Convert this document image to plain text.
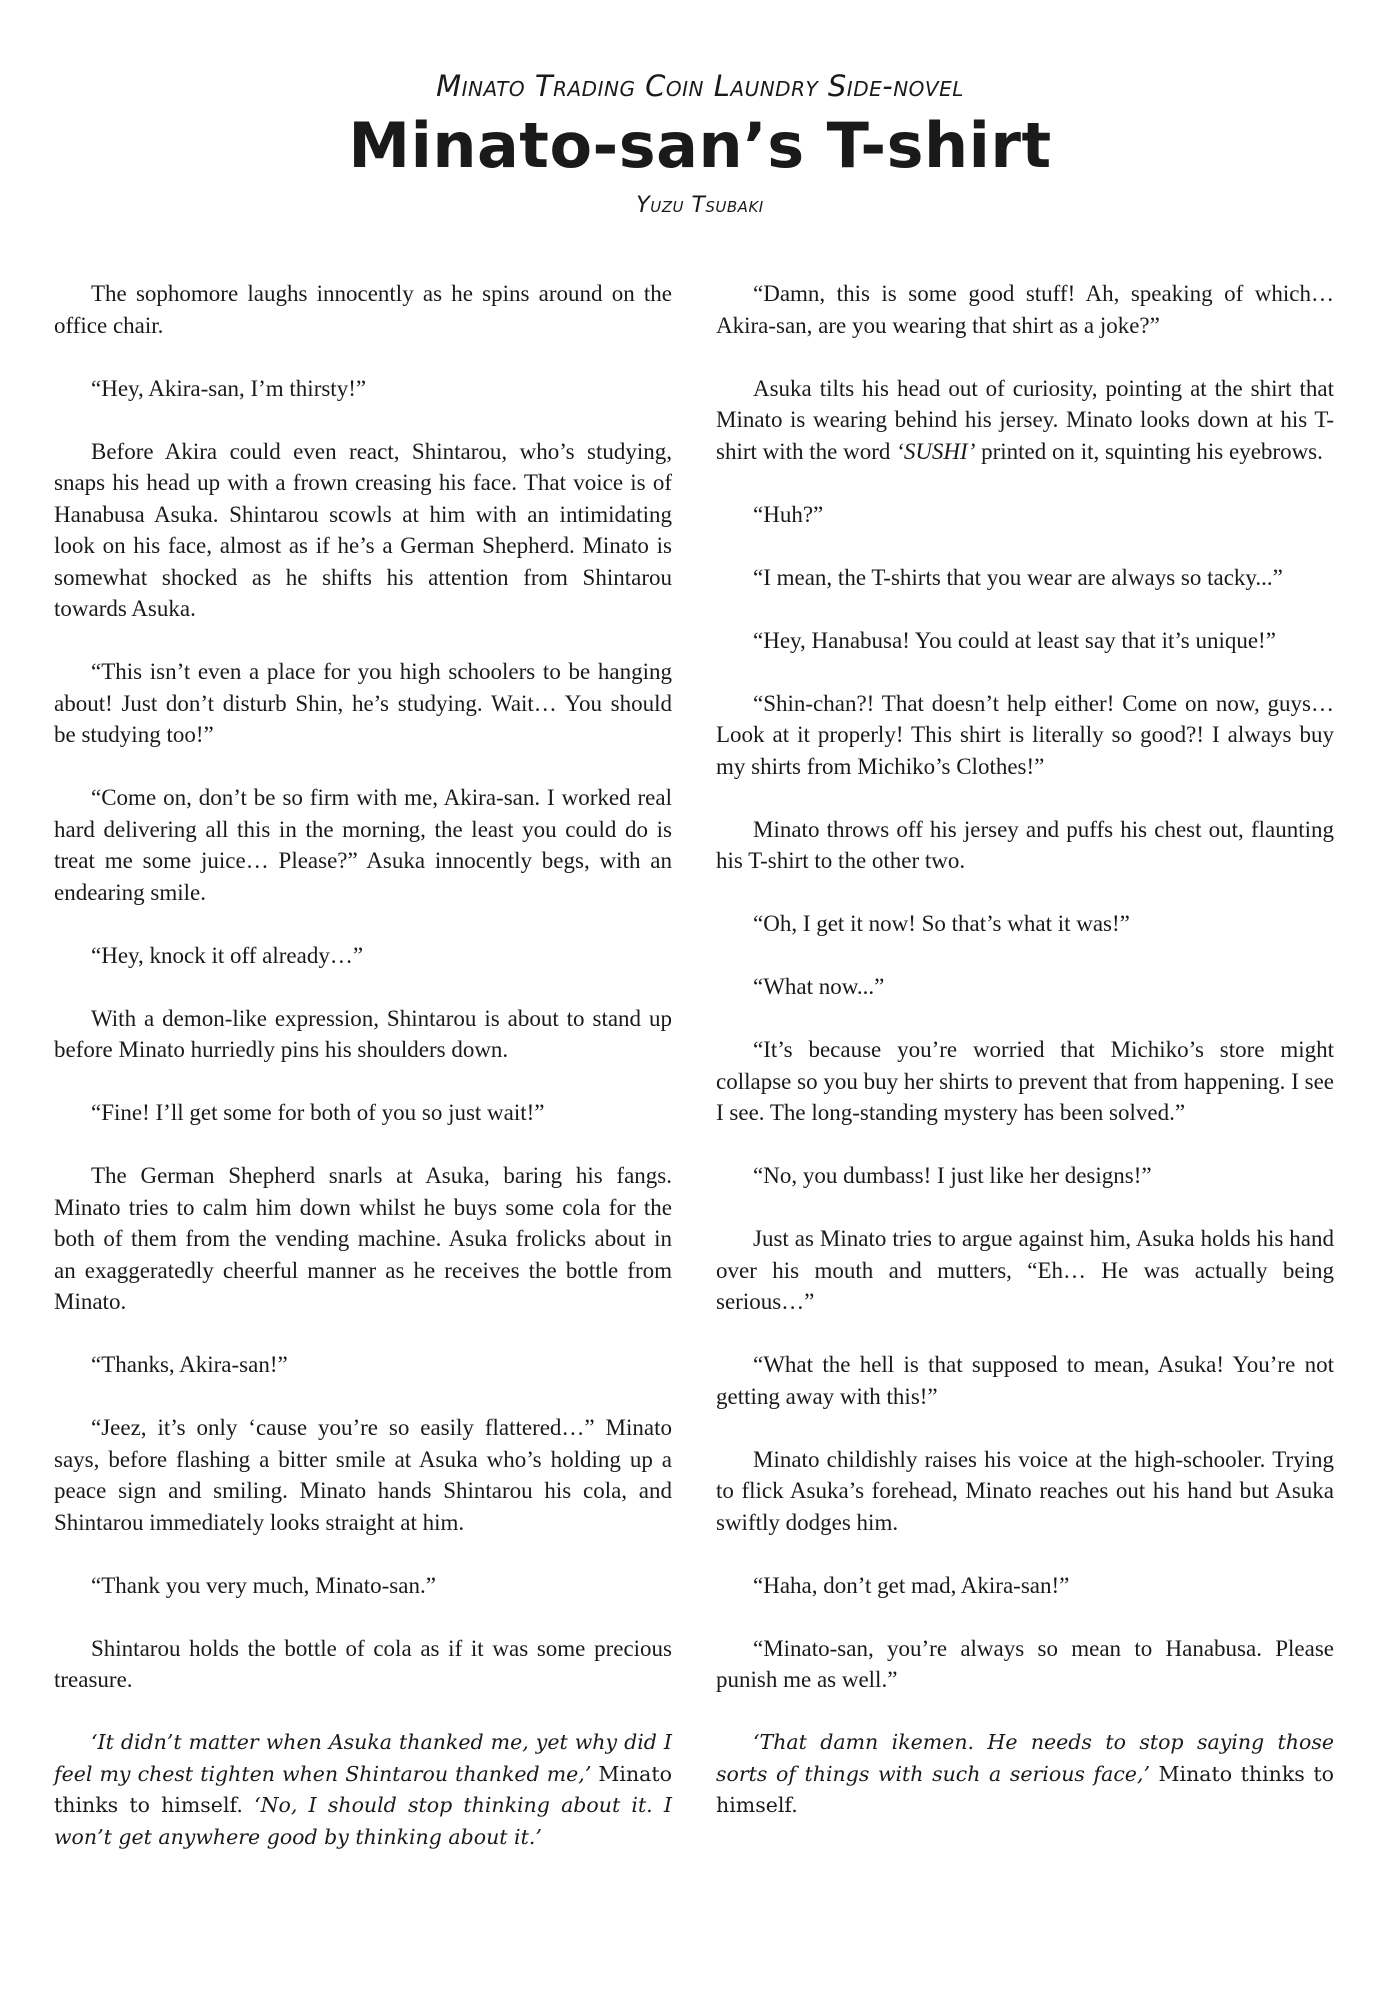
Minato Trading Coin Laundry Side-novel
Minato-san’s T-shirt
Yuzu Tsubaki

The sophomore laughs innocently as he spins around on the office chair.

“Hey, Akira-san, I’m thirsty!”

Before Akira could even react, Shintarou, who’s studying, snaps his head up with a frown creasing his face. That voice is of Hanabusa Asuka. Shintarou scowls at him with an intimidating look on his face, almost as if he’s a German Shepherd. Minato is somewhat shocked as he shifts his attention from Shintarou towards Asuka.

“This isn’t even a place for you high schoolers to be hanging about! Just don’t disturb Shin, he’s studying. Wait… You should be studying too!”

“Come on, don’t be so firm with me, Akira-san. I worked real hard delivering all this in the morning, the least you could do is treat me some juice… Please?” Asuka innocently begs, with an endearing smile.

“Hey, knock it off already…”

With a demon-like expression, Shintarou is about to stand up before Minato hurriedly pins his shoulders down.

“Fine! I’ll get some for both of you so just wait!”

The German Shepherd snarls at Asuka, baring his fangs. Minato tries to calm him down whilst he buys some cola for the both of them from the vending machine. Asuka frolicks about in an exaggeratedly cheerful manner as he receives the bottle from Minato.

“Thanks, Akira-san!”

“Jeez, it’s only ‘cause you’re so easily flattered…” Minato says, before flashing a bitter smile at Asuka who’s holding up a peace sign and smiling. Minato hands Shintarou his cola, and Shintarou immediately looks straight at him.

“Thank you very much, Minato-san.”

Shintarou holds the bottle of cola as if it was some precious treasure.

‘It didn’t matter when Asuka thanked me, yet why did I feel my chest tighten when Shintarou thanked me,’ Minato thinks to himself. ‘No, I should stop thinking about it. I won’t get anywhere good by thinking about it.’

“Damn, this is some good stuff! Ah, speaking of which… Akira-san, are you wearing that shirt as a joke?”

Asuka tilts his head out of curiosity, pointing at the shirt that Minato is wearing behind his jersey. Minato looks down at his T-shirt with the word ‘SUSHI’ printed on it, squinting his eyebrows.

“Huh?”

“I mean, the T-shirts that you wear are always so tacky...”

“Hey, Hanabusa! You could at least say that it’s unique!”

“Shin-chan?! That doesn’t help either! Come on now, guys… Look at it properly! This shirt is literally so good?! I always buy my shirts from Michiko’s Clothes!”

Minato throws off his jersey and puffs his chest out, flaunting his T-shirt to the other two.

“Oh, I get it now! So that’s what it was!”

“What now...”

“It’s because you’re worried that Michiko’s store might collapse so you buy her shirts to prevent that from happening. I see I see. The long-standing mystery has been solved.”

“No, you dumbass! I just like her designs!”

Just as Minato tries to argue against him, Asuka holds his hand over his mouth and mutters, “Eh… He was actually being serious…”

“What the hell is that supposed to mean, Asuka! You’re not getting away with this!”

Minato childishly raises his voice at the high-schooler. Trying to flick Asuka’s forehead, Minato reaches out his hand but Asuka swiftly dodges him.

“Haha, don’t get mad, Akira-san!”

“Minato-san, you’re always so mean to Hanabusa. Please punish me as well.”

‘That damn ikemen. He needs to stop saying those sorts of things with such a serious face,’ Minato thinks to himself.
